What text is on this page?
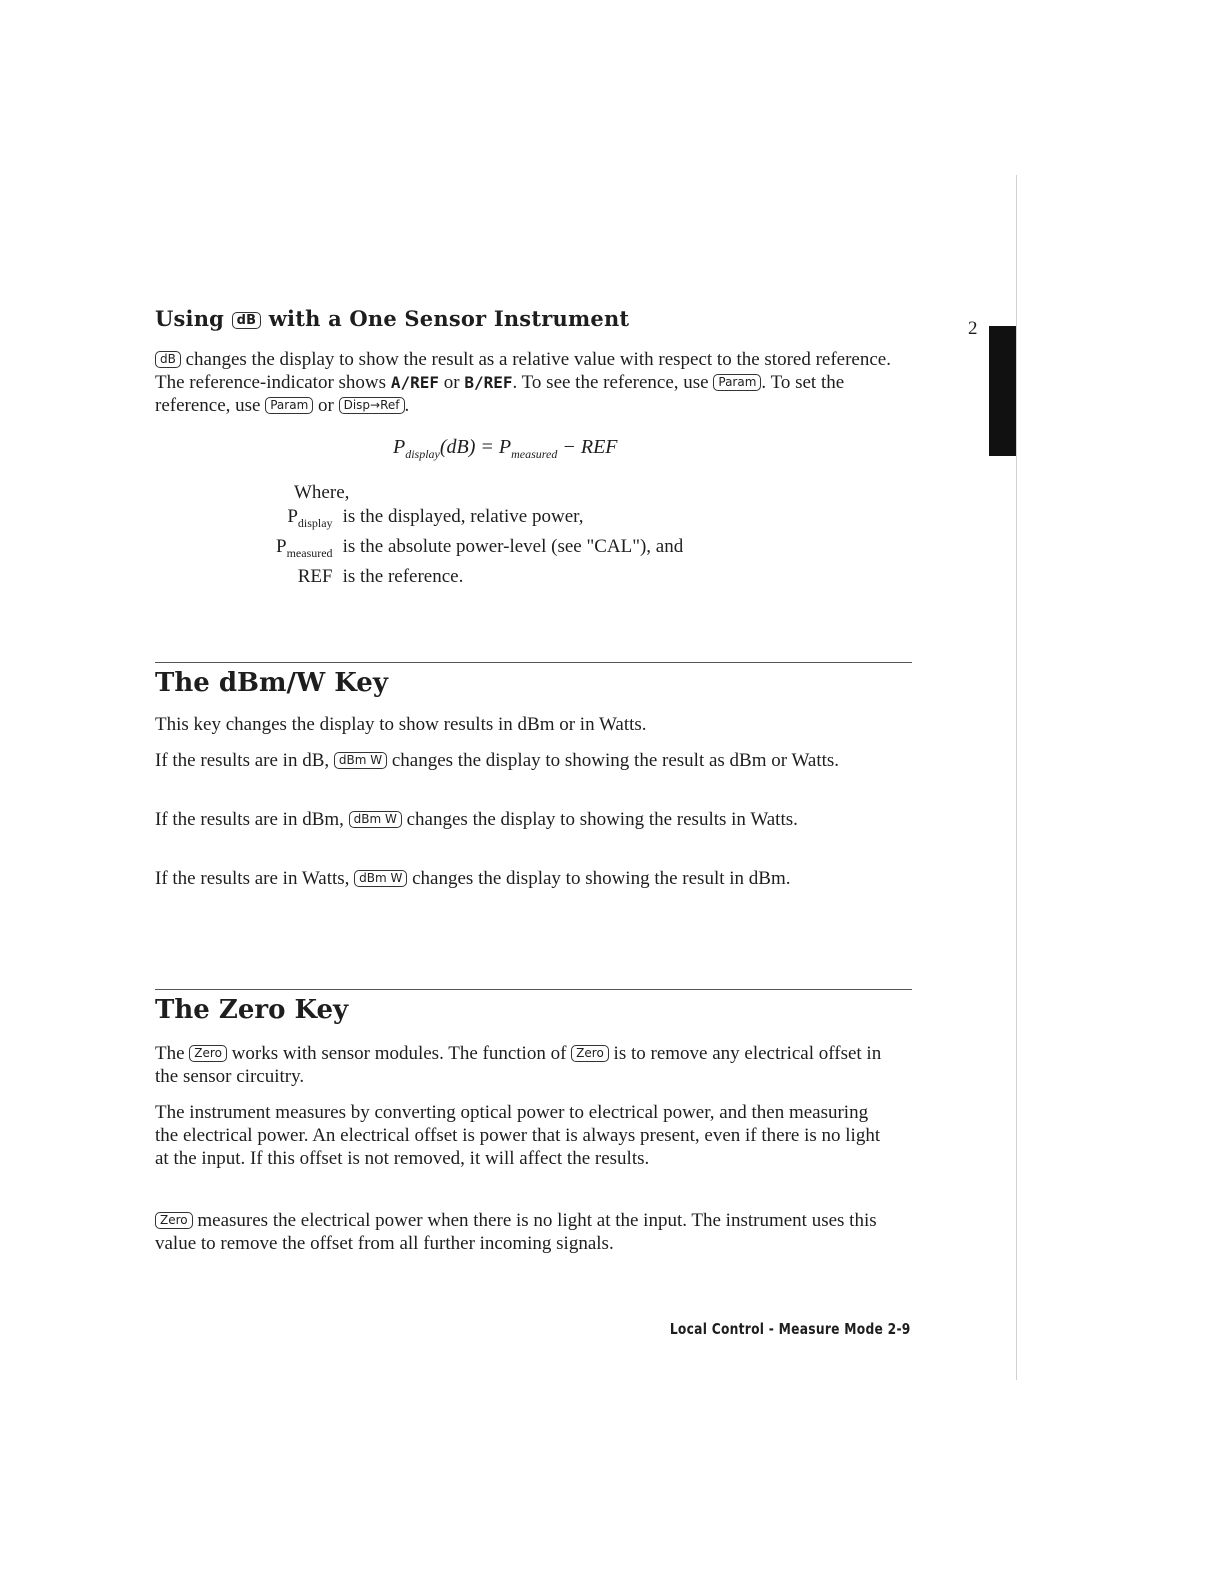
2
Using dB with a One Sensor Instrument

dB changes the display to show the result as a relative value with respect to the stored reference. The reference-indicator shows A/REF or B/REF. To see the reference, use Param . To set the reference, use Param or Disp→Ref .

$P_{display}(dB) = P_{measured}$ − REF
Where,	
$P_{display}$	is the displayed, relative power,
$P_{measured}$	is the absolute power-level (see "CAL"), and
REF	is the reference.
The dBm/W Key

This key changes the display to show results in dBm or in Watts.

If the results are in dB, dBm W changes the display to showing the result as dBm or Watts.

If the results are in dBm, dBm W changes the display to showing the results in Watts.

If the results are in Watts, dBm W changes the display to showing the result in dBm.

The Zero Key

The Zero works with sensor modules. The function of Zero is to remove any electrical offset in the sensor circuitry.

The instrument measures by converting optical power to electrical power, and then measuring the electrical power. An electrical offset is power that is always present, even if there is no light at the input. If this offset is not removed, it will affect the results.

Zero measures the electrical power when there is no light at the input. The instrument uses this value to remove the offset from all further incoming signals.

Local Control - Measure Mode 2-9
